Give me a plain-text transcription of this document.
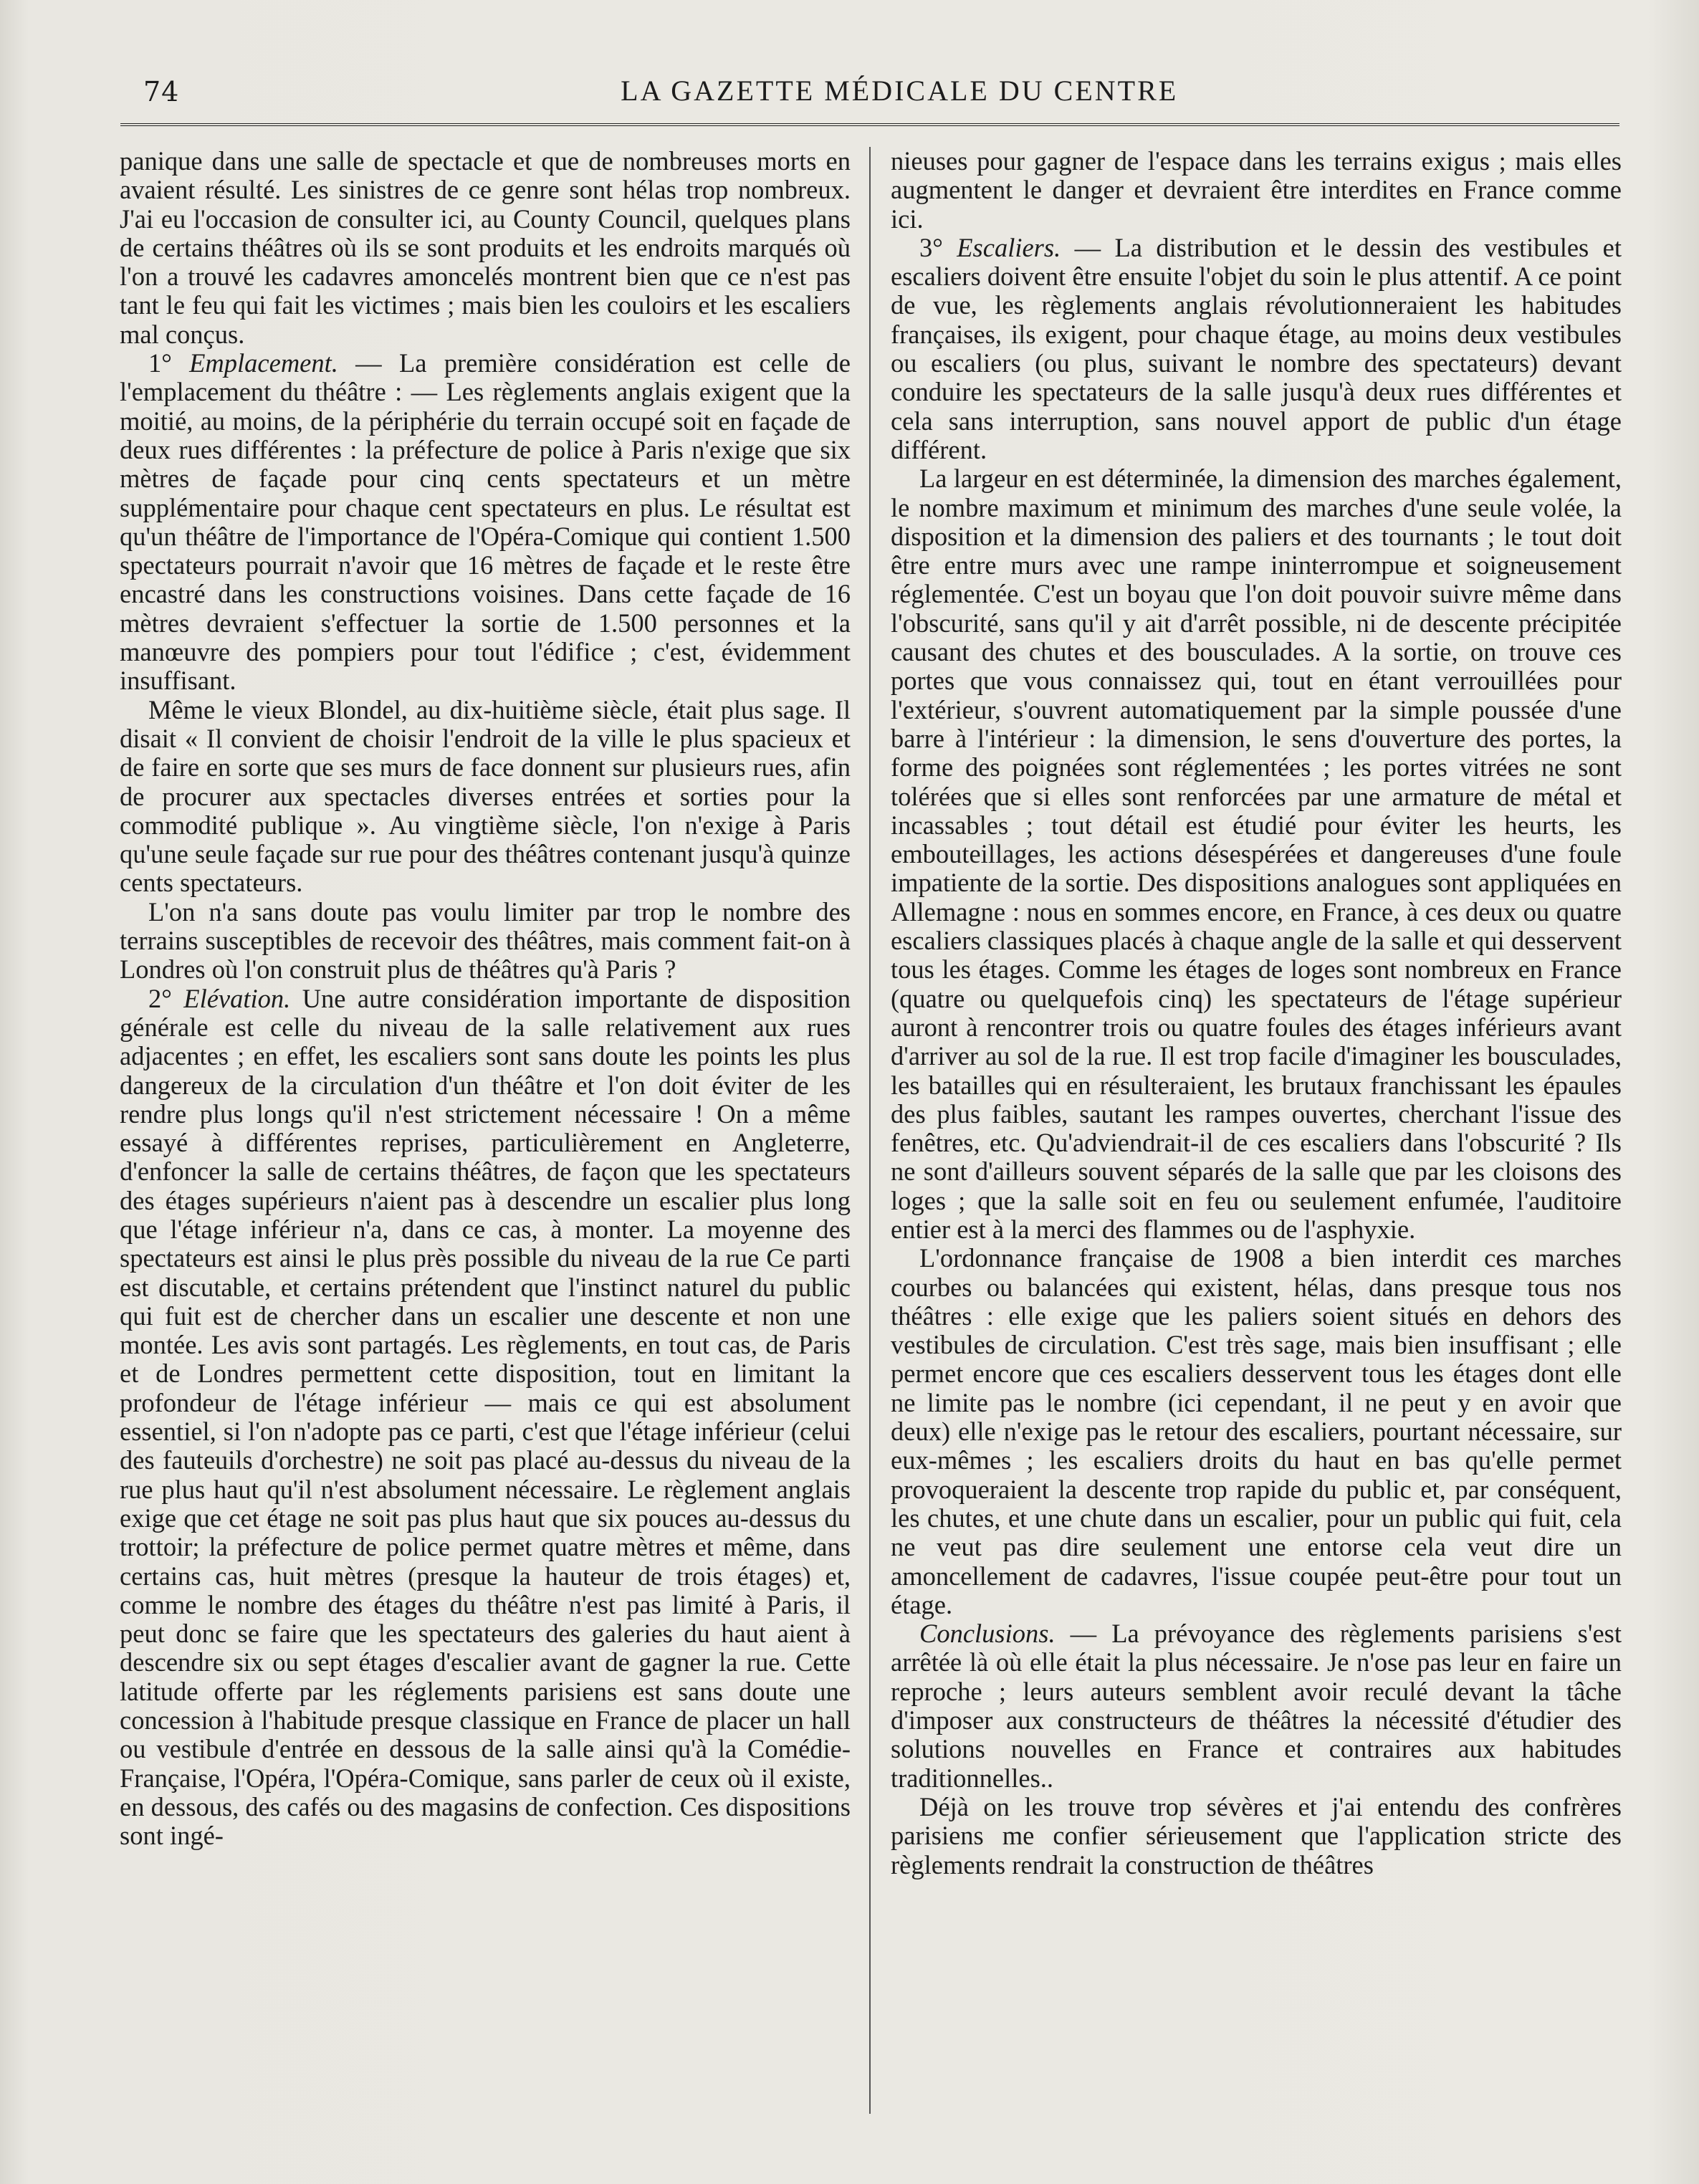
74	LA GAZETTE MÉDICALE DU CENTRE

panique dans une salle de spectacle et que de nombreuses morts en avaient résulté. Les sinistres de ce genre sont hélas trop nombreux. J'ai eu l'occasion de consulter ici, au County Council, quelques plans de certains théâtres où ils se sont produits et les endroits marqués où l'on a trouvé les cadavres amoncelés montrent bien que ce n'est pas tant le feu qui fait les victimes ; mais bien les couloirs et les escaliers mal conçus.

1° Emplacement. — La première considération est celle de l'emplacement du théâtre : — Les règlements anglais exigent que la moitié, au moins, de la périphérie du terrain occupé soit en façade de deux rues différentes : la préfecture de police à Paris n'exige que six mètres de façade pour cinq cents spectateurs et un mètre supplémentaire pour chaque cent spectateurs en plus. Le résultat est qu'un théâtre de l'importance de l'Opéra-Comique qui contient 1.500 spectateurs pourrait n'avoir que 16 mètres de façade et le reste être encastré dans les constructions voisines. Dans cette façade de 16 mètres devraient s'effectuer la sortie de 1.500 personnes et la manœuvre des pompiers pour tout l'édifice ; c'est, évidemment insuffisant.

Même le vieux Blondel, au dix-huitième siècle, était plus sage. Il disait « Il convient de choisir l'endroit de la ville le plus spacieux et de faire en sorte que ses murs de face donnent sur plusieurs rues, afin de procurer aux spectacles diverses entrées et sorties pour la commodité publique ». Au vingtième siècle, l'on n'exige à Paris qu'une seule façade sur rue pour des théâtres contenant jusqu'à quinze cents spectateurs.

L'on n'a sans doute pas voulu limiter par trop le nombre des terrains susceptibles de recevoir des théâtres, mais comment fait-on à Londres où l'on construit plus de théâtres qu'à Paris ?

2° Elévation. Une autre considération importante de disposition générale est celle du niveau de la salle relativement aux rues adjacentes ; en effet, les escaliers sont sans doute les points les plus dangereux de la circulation d'un théâtre et l'on doit éviter de les rendre plus longs qu'il n'est strictement nécessaire ! On a même essayé à différentes reprises, particulièrement en Angleterre, d'enfoncer la salle de certains théâtres, de façon que les spectateurs des étages supérieurs n'aient pas à descendre un escalier plus long que l'étage inférieur n'a, dans ce cas, à monter. La moyenne des spectateurs est ainsi le plus près possible du niveau de la rue Ce parti est discutable, et certains prétendent que l'instinct naturel du public qui fuit est de chercher dans un escalier une descente et non une montée. Les avis sont partagés. Les règlements, en tout cas, de Paris et de Londres permettent cette disposition, tout en limitant la profondeur de l'étage inférieur — mais ce qui est absolument essentiel, si l'on n'adopte pas ce parti, c'est que l'étage inférieur (celui des fauteuils d'orchestre) ne soit pas placé au-dessus du niveau de la rue plus haut qu'il n'est absolument nécessaire. Le règlement anglais exige que cet étage ne soit pas plus haut que six pouces au-dessus du trottoir; la préfecture de police permet quatre mètres et même, dans certains cas, huit mètres (presque la hauteur de trois étages) et, comme le nombre des étages du théâtre n'est pas limité à Paris, il peut donc se faire que les spectateurs des galeries du haut aient à descendre six ou sept étages d'escalier avant de gagner la rue. Cette latitude offerte par les réglements parisiens est sans doute une concession à l'habitude presque classique en France de placer un hall ou vestibule d'entrée en dessous de la salle ainsi qu'à la Comédie-Française, l'Opéra, l'Opéra-Comique, sans parler de ceux où il existe, en dessous, des cafés ou des magasins de confection. Ces dispositions sont ingé-

nieuses pour gagner de l'espace dans les terrains exigus ; mais elles augmentent le danger et devraient être interdites en France comme ici.

3° Escaliers. — La distribution et le dessin des vestibules et escaliers doivent être ensuite l'objet du soin le plus attentif. A ce point de vue, les règlements anglais révolutionneraient les habitudes françaises, ils exigent, pour chaque étage, au moins deux vestibules ou escaliers (ou plus, suivant le nombre des spectateurs) devant conduire les spectateurs de la salle jusqu'à deux rues différentes et cela sans interruption, sans nouvel apport de public d'un étage différent.

La largeur en est déterminée, la dimension des marches également, le nombre maximum et minimum des marches d'une seule volée, la disposition et la dimension des paliers et des tournants ; le tout doit être entre murs avec une rampe ininterrompue et soigneusement réglementée. C'est un boyau que l'on doit pouvoir suivre même dans l'obscurité, sans qu'il y ait d'arrêt possible, ni de descente précipitée causant des chutes et des bousculades. A la sortie, on trouve ces portes que vous connaissez qui, tout en étant verrouillées pour l'extérieur, s'ouvrent automatiquement par la simple poussée d'une barre à l'intérieur : la dimension, le sens d'ouverture des portes, la forme des poignées sont réglementées ; les portes vitrées ne sont tolérées que si elles sont renforcées par une armature de métal et incassables ; tout détail est étudié pour éviter les heurts, les embouteillages, les actions désespérées et dangereuses d'une foule impatiente de la sortie. Des dispositions analogues sont appliquées en Allemagne : nous en sommes encore, en France, à ces deux ou quatre escaliers classiques placés à chaque angle de la salle et qui desservent tous les étages. Comme les étages de loges sont nombreux en France (quatre ou quelquefois cinq) les spectateurs de l'étage supérieur auront à rencontrer trois ou quatre foules des étages inférieurs avant d'arriver au sol de la rue. Il est trop facile d'imaginer les bousculades, les batailles qui en résulteraient, les brutaux franchissant les épaules des plus faibles, sautant les rampes ouvertes, cherchant l'issue des fenêtres, etc. Qu'adviendrait-il de ces escaliers dans l'obscurité ? Ils ne sont d'ailleurs souvent séparés de la salle que par les cloisons des loges ; que la salle soit en feu ou seulement enfumée, l'auditoire entier est à la merci des flammes ou de l'asphyxie.

L'ordonnance française de 1908 a bien interdit ces marches courbes ou balancées qui existent, hélas, dans presque tous nos théâtres : elle exige que les paliers soient situés en dehors des vestibules de circulation. C'est très sage, mais bien insuffisant ; elle permet encore que ces escaliers desservent tous les étages dont elle ne limite pas le nombre (ici cependant, il ne peut y en avoir que deux) elle n'exige pas le retour des escaliers, pourtant nécessaire, sur eux-mêmes ; les escaliers droits du haut en bas qu'elle permet provoqueraient la descente trop rapide du public et, par conséquent, les chutes, et une chute dans un escalier, pour un public qui fuit, cela ne veut pas dire seulement une entorse cela veut dire un amoncellement de cadavres, l'issue coupée peut-être pour tout un étage.

Conclusions. — La prévoyance des règlements parisiens s'est arrêtée là où elle était la plus nécessaire. Je n'ose pas leur en faire un reproche ; leurs auteurs semblent avoir reculé devant la tâche d'imposer aux constructeurs de théâtres la nécessité d'étudier des solutions nouvelles en France et contraires aux habitudes traditionnelles..

Déjà on les trouve trop sévères et j'ai entendu des confrères parisiens me confier sérieusement que l'application stricte des règlements rendrait la construction de théâtres
